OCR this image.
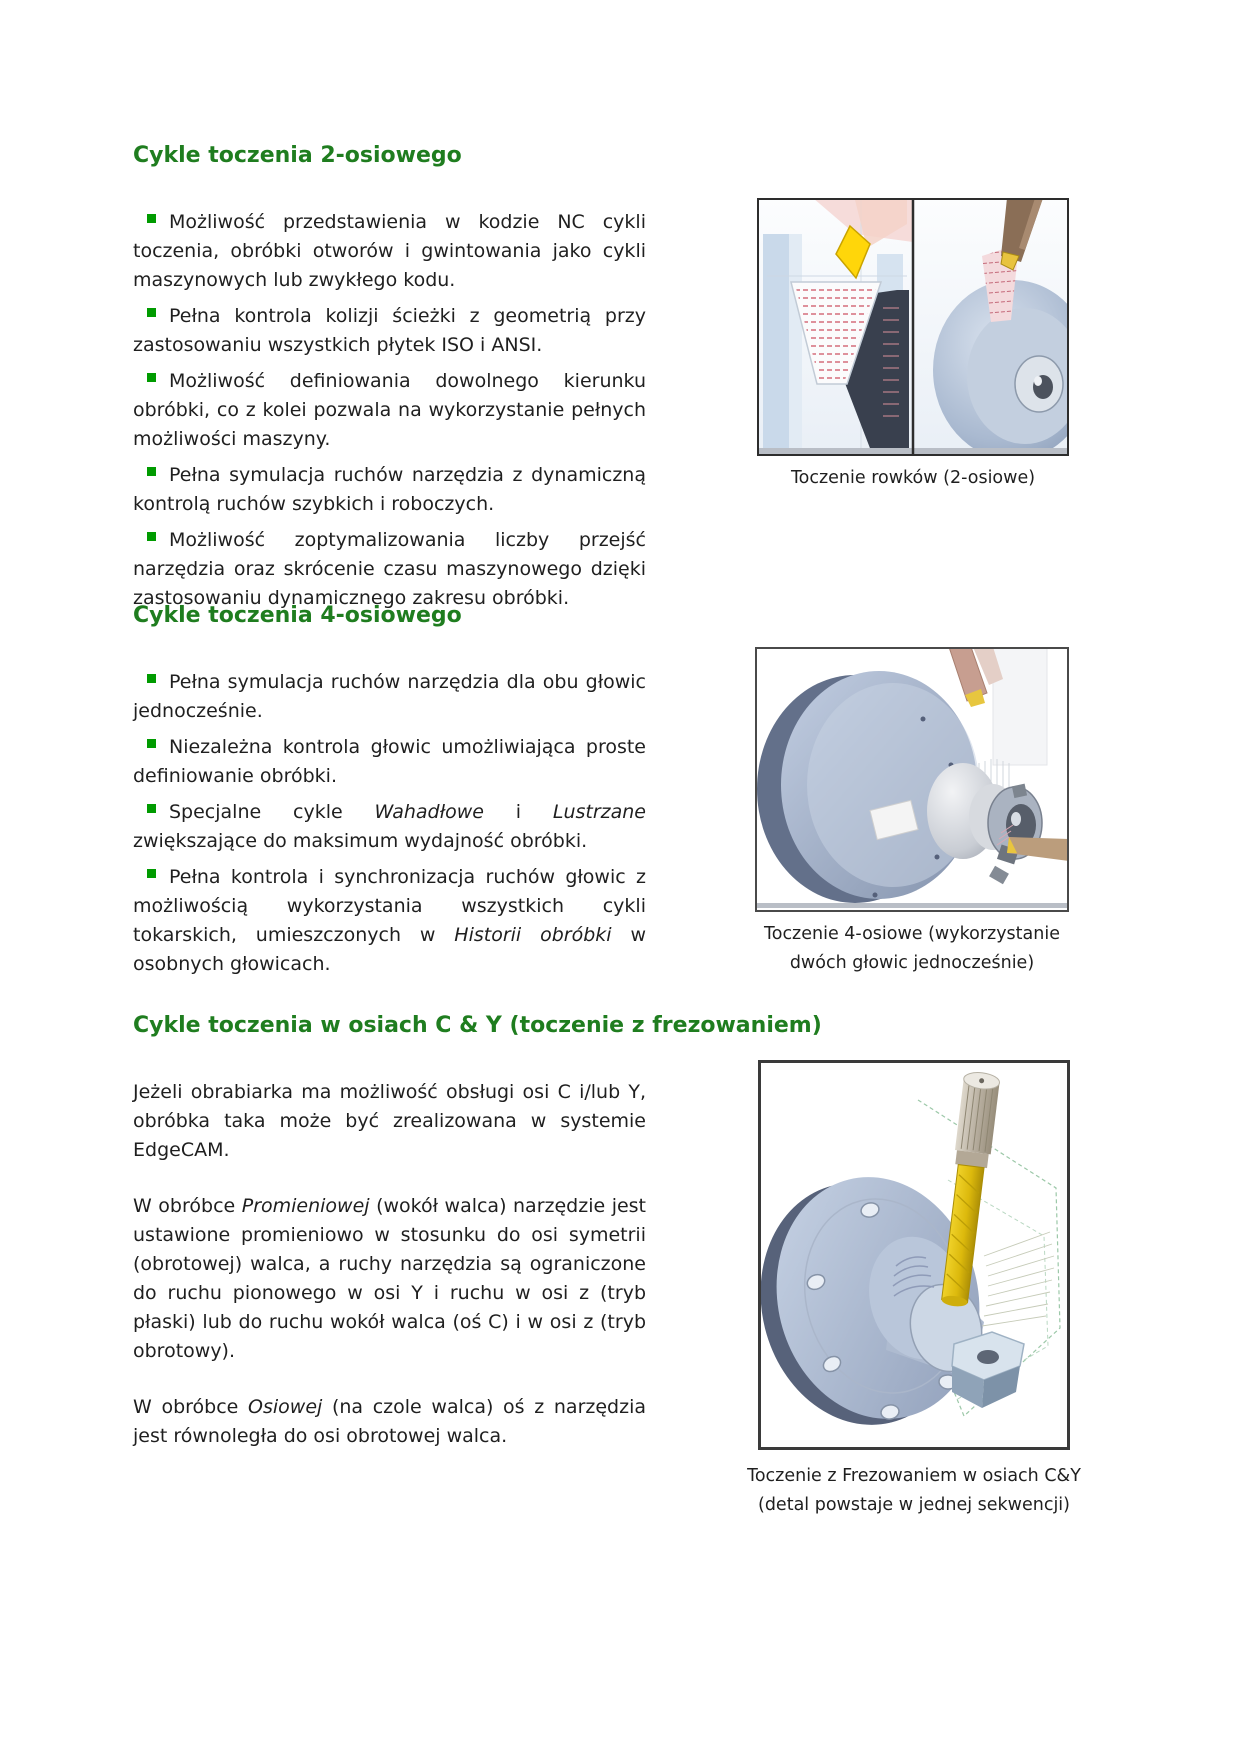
Cykle toczenia 2-osiowego

Możliwość przedstawienia w kodzie NC cykli toczenia, obróbki otworów i gwintowania jako cykli maszynowych lub zwykłego kodu.

Pełna kontrola kolizji ścieżki z geometrią przy zastosowaniu wszystkich płytek ISO i ANSI.

Możliwość definiowania dowolnego kierunku obróbki, co z kolei pozwala na wykorzystanie pełnych możliwości maszyny.

Pełna symulacja ruchów narzędzia z dynamiczną kontrolą ruchów szybkich i roboczych.

Możliwość zoptymalizowania liczby przejść narzędzia oraz skrócenie czasu maszynowego dzięki zastosowaniu dynamicznego zakresu obróbki.

Toczenie rowków (2-osiowe)
Cykle toczenia 4-osiowego

Pełna symulacja ruchów narzędzia dla obu głowic jednocześnie.

Niezależna kontrola głowic umożliwiająca proste definiowanie obróbki.

Specjalne cykle Wahadłowe i Lustrzane zwiększające do maksimum wydajność obróbki.

Pełna kontrola i synchronizacja ruchów głowic z możliwością wykorzystania wszystkich cykli tokarskich, umieszczonych w Historii obróbki w osobnych głowicach.

Toczenie 4-osiowe (wykorzystanie
dwóch głowic jednocześnie)
Cykle toczenia w osiach C & Y (toczenie z frezowaniem)

Jeżeli obrabiarka ma możliwość obsługi osi C i/lub Y, obróbka taka może być zrealizowana w systemie EdgeCAM.

W obróbce Promieniowej (wokół walca) narzędzie jest ustawione promieniowo w stosunku do osi symetrii (obrotowej) walca, a ruchy narzędzia są ograniczone do ruchu pionowego w osi Y i ruchu w osi z (tryb płaski) lub do ruchu wokół walca (oś C) i w osi z (tryb obrotowy).

W obróbce Osiowej (na czole walca) oś z narzędzia jest równoległa do osi obrotowej walca.

Toczenie z Frezowaniem w osiach C&Y
(detal powstaje w jednej sekwencji)
